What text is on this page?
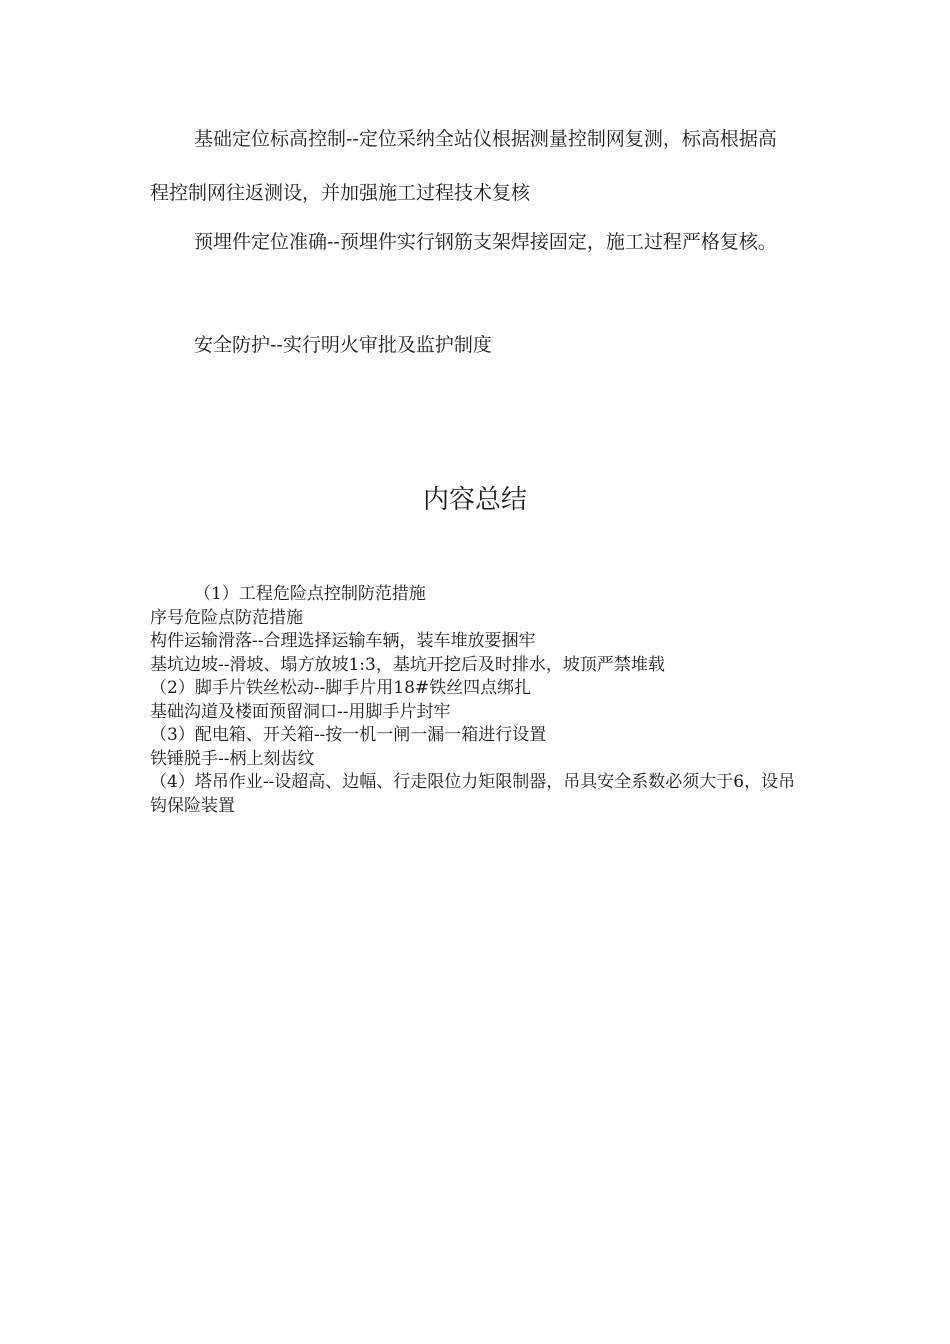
基础定位标高控制--定位采纳全站仪根据测量控制网复测，标高根据高程控制网往返测设，并加强施工过程技术复核

预埋件定位准确--预埋件实行钢筋支架焊接固定，施工过程严格复核。

安全防护--实行明火审批及监护制度

内容总结
（1）工程危险点控制防范措施
序号危险点防范措施
构件运输滑落--合理选择运输车辆，装车堆放要捆牢
基坑边坡--滑坡、塌方放坡1:3，基坑开挖后及时排水，坡顶严禁堆载
（2）脚手片铁丝松动--脚手片用18#铁丝四点绑扎
基础沟道及楼面预留洞口--用脚手片封牢
（3）配电箱、开关箱--按一机一闸一漏一箱进行设置
铁锤脱手--柄上刻齿纹
（4）塔吊作业--设超高、边幅、行走限位力矩限制器，吊具安全系数必须大于6，设吊钩保险装置
